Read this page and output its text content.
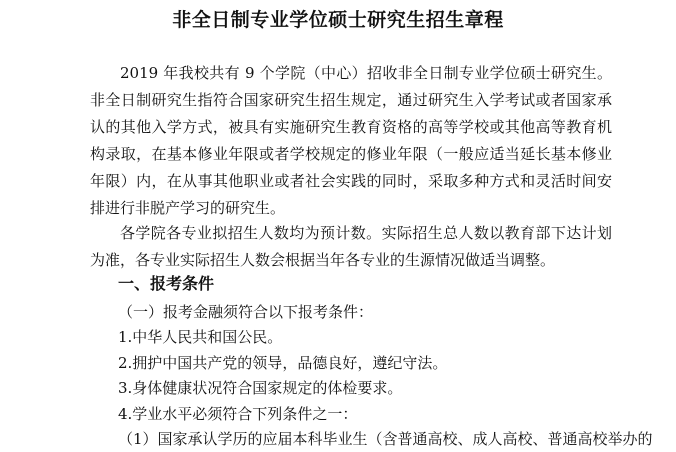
非全日制专业学位硕士研究生招生章程

2019 年我校共有 9 个学院（中心）招收非全日制专业学位硕士研究生。非全日制研究生指符合国家研究生招生规定，通过研究生入学考试或者国家承认的其他入学方式，被具有实施研究生教育资格的高等学校或其他高等教育机构录取，在基本修业年限或者学校规定的修业年限（一般应适当延长基本修业年限）内，在从事其他职业或者社会实践的同时，采取多种方式和灵活时间安排进行非脱产学习的研究生。

各学院各专业拟招生人数均为预计数。实际招生总人数以教育部下达计划为准，各专业实际招生人数会根据当年各专业的生源情况做适当调整。

一、报考条件
（一）报考金融须符合以下报考条件：
1.中华人民共和国公民。
2.拥护中国共产党的领导，品德良好，遵纪守法。
3.身体健康状况符合国家规定的体检要求。
4.学业水平必须符合下列条件之一：
（1）国家承认学历的应届本科毕业生（含普通高校、成人高校、普通高校举办的
